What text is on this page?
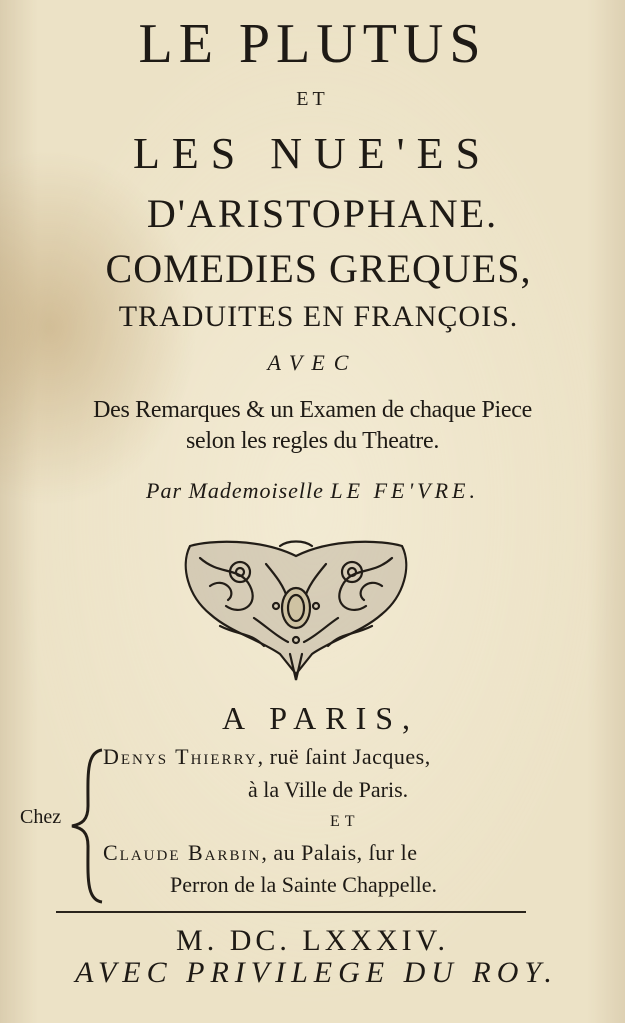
LE PLUTUS
ET
LES NUE'ES
D'ARISTOPHANE.
COMEDIES GREQUES,
TRADUITES EN FRANÇOIS.
AVEC
Des Remarques & un Examen de chaque Piece
selon les regles du Theatre.
Par Mademoiselle LE FE'VRE.
A PARIS,
Chez
Denys Thierry, ruë ſaint Jacques,
à la Ville de Paris.
ET
Claude Barbin, au Palais, ſur le
Perron de la Sainte Chappelle.
M. DC. LXXXIV.
AVEC PRIVILEGE DU ROY.
